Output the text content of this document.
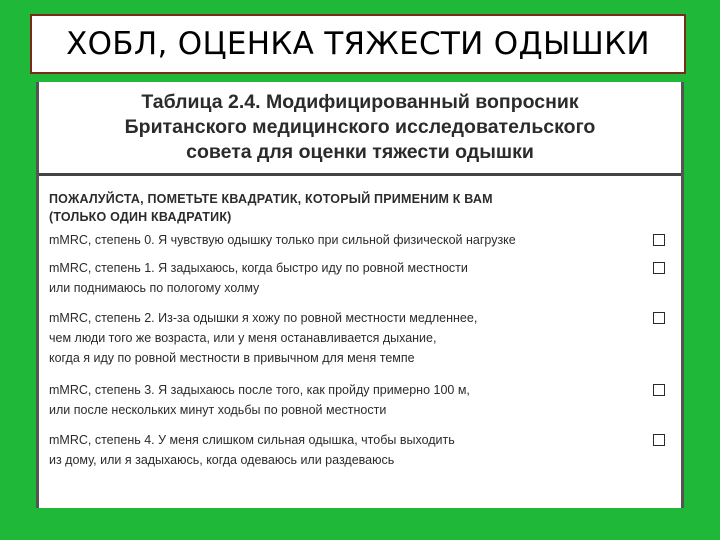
ХОБЛ, ОЦЕНКА ТЯЖЕСТИ ОДЫШКИ
Таблица 2.4. Модифицированный вопросник
Британского медицинского исследовательского
совета для оценки тяжести одышки
ПОЖАЛУЙСТА, ПОМЕТЬТЕ КВАДРАТИК, КОТОРЫЙ ПРИМЕНИМ К ВАМ
(ТОЛЬКО ОДИН КВАДРАТИК)
mMRC, степень 0. Я чувствую одышку только при сильной физической нагрузке
mMRC, степень 1. Я задыхаюсь, когда быстро иду по ровной местности
или поднимаюсь по пологому холму
mMRC, степень 2. Из-за одышки я хожу по ровной местности медленнее,
чем люди того же возраста, или у меня останавливается дыхание,
когда я иду по ровной местности в привычном для меня темпе
mMRC, степень 3. Я задыхаюсь после того, как пройду примерно 100 м,
или после нескольких минут ходьбы по ровной местности
mMRC, степень 4. У меня слишком сильная одышка, чтобы выходить
из дому, или я задыхаюсь, когда одеваюсь или раздеваюсь
